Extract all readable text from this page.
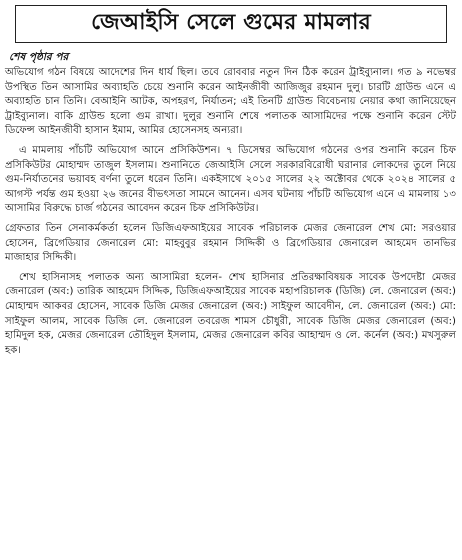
জেআইসি সেলে গুমের মামলার
শেষ পৃষ্ঠার পর

অভিযোগ গঠন বিষয়ে আদেশের দিন ধার্য ছিল। তবে রোববার নতুন দিন ঠিক করেন ট্রাইব্যুনাল। গত ৯ নভেম্বর উপস্থিত তিন আসামির অব্যাহতি চেয়ে শুনানি করেন আইনজীবী আজিজুর রহমান দুলু। চারটি গ্রাউন্ড এনে এ অব্যাহতি চান তিনি। বেআইনি আটক, অপহরণ, নির্যাতন; এই তিনটি গ্রাউন্ড বিবেচনায় নেয়ার কথা জানিয়েছেন ট্রাইব্যুনাল। বাকি গ্রাউন্ড হলো গুম রাখা। দুলুর শুনানি শেষে পলাতক আসামিদের পক্ষে শুনানি করেন স্টেট ডিফেন্স আইনজীবী হাসান ইমাম, আমির হোসেনসহ অন্যরা।

এ মামলায় পাঁচটি অভিযোগ আনে প্রসিকিউশন। ৭ ডিসেম্বর অভিযোগ গঠনের ওপর শুনানি করেন চিফ প্রসিকিউটর মোহাম্মদ তাজুল ইসলাম। শুনানিতে জেআইসি সেলে সরকারবিরোধী ঘরানার লোকদের তুলে নিয়ে গুম-নির্যাতনের ভয়াবহ বর্ণনা তুলে ধরেন তিনি। একইসাথে ২০১৫ সালের ২২ অক্টোবর থেকে ২০২৪ সালের ৫ আগস্ট পর্যন্ত গুম হওয়া ২৬ জনের বীভৎসতা সামনে আনেন। এসব ঘটনায় পাঁচটি অভিযোগ এনে এ মামলায় ১৩ আসামির বিরুদ্ধে চার্জ গঠনের আবেদন করেন চিফ প্রসিকিউটর।

গ্রেফতার তিন সেনাকর্মকর্তা হলেন ডিজিএফআইয়ের সাবেক পরিচালক মেজর জেনারেল শেখ মো: সরওয়ার হোসেন, ব্রিগেডিয়ার জেনারেল মো: মাহবুবুর রহমান সিদ্দিকী ও ব্রিগেডিয়ার জেনারেল আহমেদ তানভির মাজাহার সিদ্দিকী।

শেখ হাসিনাসহ পলাতক অন্য আসামিরা হলেন- শেখ হাসিনার প্রতিরক্ষাবিষয়ক সাবেক উপদেষ্টা মেজর জেনারেল (অব:) তারিক আহমেদ সিদ্দিক, ডিজিএফআইয়ের সাবেক মহাপরিচালক (ডিজি) লে. জেনারেল (অব:) মোহাম্মদ আকবর হোসেন, সাবেক ডিজি মেজর জেনারেল (অব:) সাইফুল আবেদীন, লে. জেনারেল (অব:) মো: সাইফুল আলম, সাবেক ডিজি লে. জেনারেল তবরেজ শামস চৌধুরী, সাবেক ডিজি মেজর জেনারেল (অব:) হামিদুল হক, মেজর জেনারেল তৌহিদুল ইসলাম, মেজর জেনারেল কবির আহাম্মদ ও লে. কর্নেল (অব:) মখসুরুল হক।
